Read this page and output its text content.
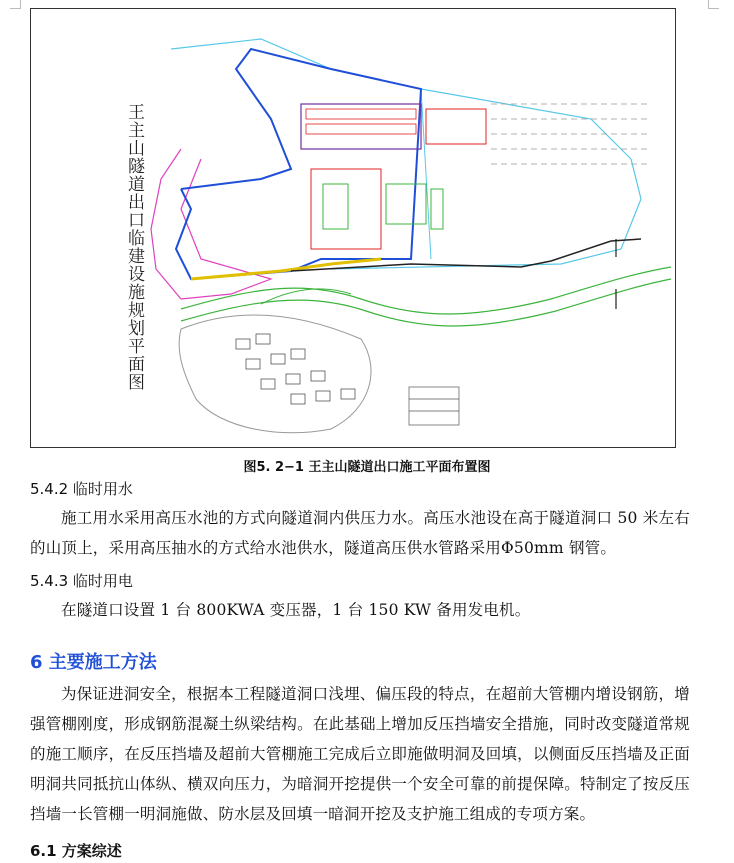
王主山隧道出口临建设施规划平面图
图5. 2−1 王主山隧道出口施工平面布置图
5.4.2 临时用水
施工用水采用高压水池的方式向隧道洞内供压力水。高压水池设在高于隧道洞口 50 米左右的山顶上，采用高压抽水的方式给水池供水，隧道高压供水管路采用Φ50mm 钢管。
5.4.3 临时用电
在隧道口设置 1 台 800KWA 变压器，1 台 150 KW 备用发电机。
6 主要施工方法
为保证进洞安全，根据本工程隧道洞口浅埋、偏压段的特点，在超前大管棚内增设钢筋，增强管棚刚度，形成钢筋混凝土纵梁结构。在此基础上增加反压挡墙安全措施，同时改变隧道常规的施工顺序，在反压挡墙及超前大管棚施工完成后立即施做明洞及回填，以侧面反压挡墙及正面明洞共同抵抗山体纵、横双向压力，为暗洞开挖提供一个安全可靠的前提保障。特制定了按反压挡墙一长管棚一明洞施做、防水层及回填一暗洞开挖及支护施工组成的专项方案。
6.1 方案综述
